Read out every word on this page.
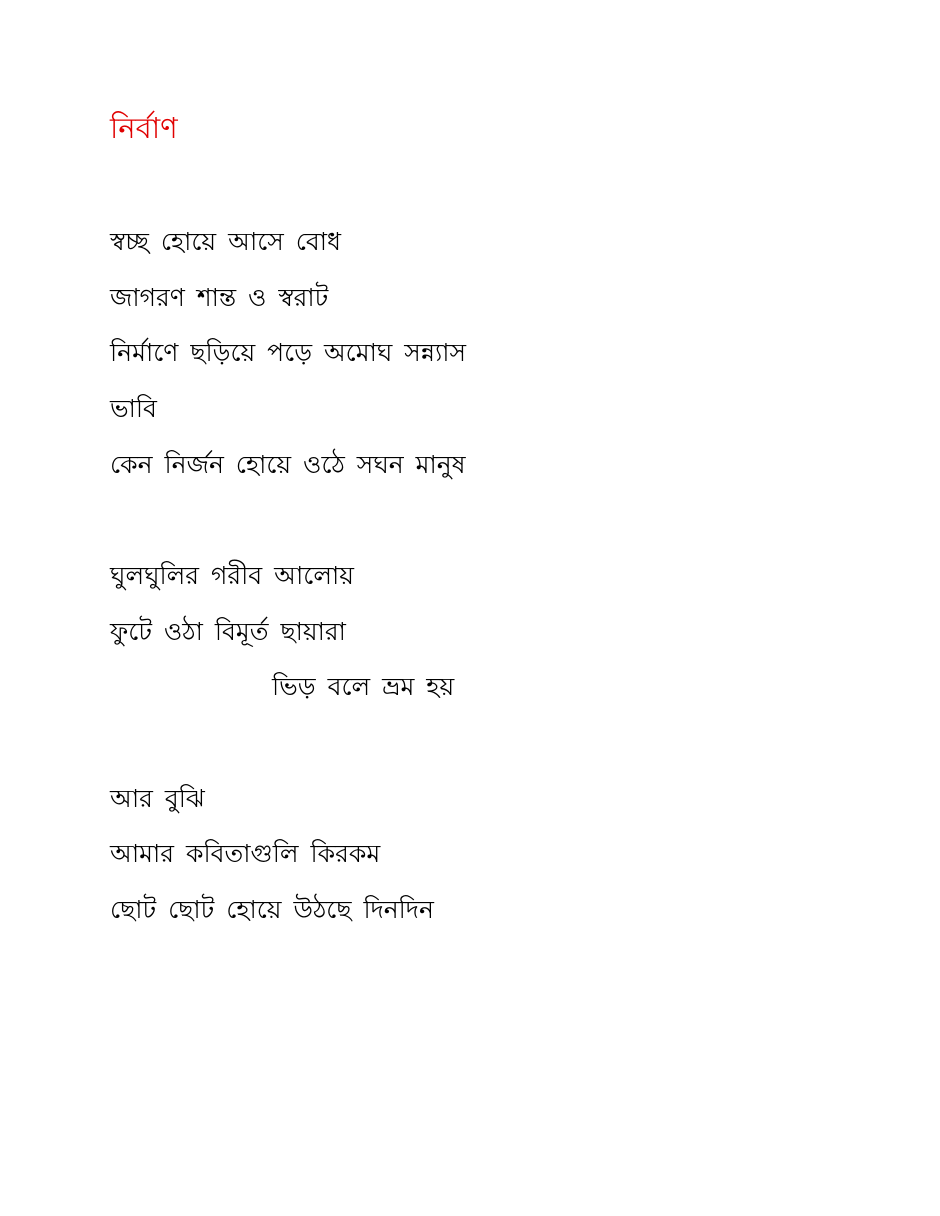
নির্বাণ
স্বচ্ছ হোয়ে আসে বোধ
জাগরণ শান্ত ও স্বরাট
নির্মাণে ছড়িয়ে পড়ে অমোঘ সন্ন্যাস
ভাবি
কেন নির্জন হোয়ে ওঠে সঘন মানুষ
ঘুলঘুলির গরীব আলোয়
ফুটে ওঠা বিমূর্ত ছায়ারা
ভিড় বলে ভ্রম হয়
আর বুঝি
আমার কবিতাগুলি কিরকম
ছোট ছোট হোয়ে উঠছে দিনদিন
